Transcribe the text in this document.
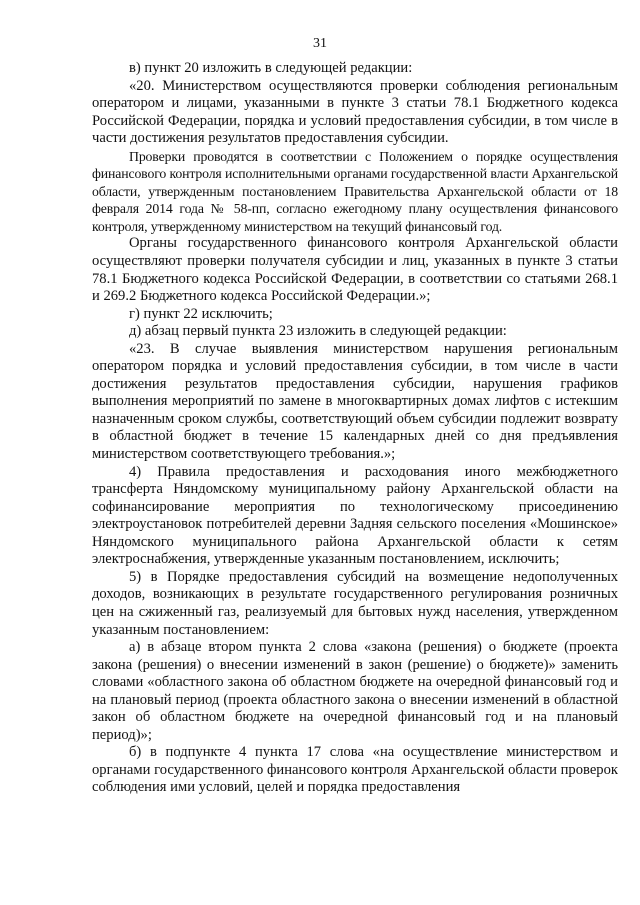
31

в) пункт 20 изложить в следующей редакции:

«20. Министерством осуществляются проверки соблюдения региональным оператором и лицами, указанными в пункте 3 статьи 78.1 Бюджетного кодекса Российской Федерации, порядка и условий предоставления субсидии, в том числе в части достижения результатов предоставления субсидии.

Проверки проводятся в соответствии с Положением о порядке осуществления финансового контроля исполнительными органами государственной власти Архангельской области, утвержденным постановлением Правительства Архангельской области от 18 февраля 2014 года № 58-пп, согласно ежегодному плану осуществления финансового контроля, утвержденному министерством на текущий финансовый год.

Органы государственного финансового контроля Архангельской области осуществляют проверки получателя субсидии и лиц, указанных в пункте 3 статьи 78.1 Бюджетного кодекса Российской Федерации, в соответствии со статьями 268.1 и 269.2 Бюджетного кодекса Российской Федерации.»;

г) пункт 22 исключить;

д) абзац первый пункта 23 изложить в следующей редакции:

«23. В случае выявления министерством нарушения региональным оператором порядка и условий предоставления субсидии, в том числе в части достижения результатов предоставления субсидии, нарушения графиков выполнения мероприятий по замене в многоквартирных домах лифтов с истекшим назначенным сроком службы, соответствующий объем субсидии подлежит возврату в областной бюджет в течение 15 календарных дней со дня предъявления министерством соответствующего требования.»;

4) Правила предоставления и расходования иного межбюджетного трансферта Няндомскому муниципальному району Архангельской области на софинансирование мероприятия по технологическому присоединению электроустановок потребителей деревни Задняя сельского поселения «Мошинское» Няндомского муниципального района Архангельской области к сетям электроснабжения, утвержденные указанным постановлением, исключить;

5) в Порядке предоставления субсидий на возмещение недополученных доходов, возникающих в результате государственного регулирования розничных цен на сжиженный газ, реализуемый для бытовых нужд населения, утвержденном указанным постановлением:

а) в абзаце втором пункта 2 слова «закона (решения) о бюджете (проекта закона (решения) о внесении изменений в закон (решение) о бюджете)» заменить словами «областного закона об областном бюджете на очередной финансовый год и на плановый период (проекта областного закона о внесении изменений в областной закон об областном бюджете на очередной финансовый год и на плановый период)»;

б) в подпункте 4 пункта 17 слова «на осуществление министерством и органами государственного финансового контроля Архангельской области проверок соблюдения ими условий, целей и порядка предоставления
